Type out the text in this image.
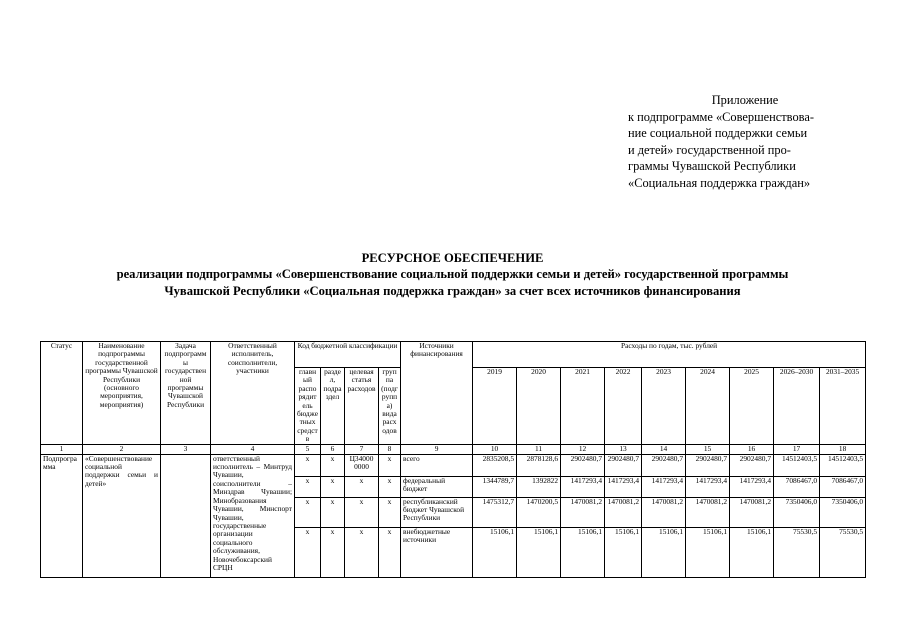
Приложение
к подпрограмме «Совершенствова-
ние социальной поддержки семьи
и детей» государственной про-
граммы Чувашской Республики
«Социальная поддержка граждан»
РЕСУРСНОЕ ОБЕСПЕЧЕНИЕ
реализации подпрограммы «Совершенствование социальной поддержки семьи и детей» государственной программы
Чувашской Республики «Социальная поддержка граждан» за счет всех источников финансирования
Статус	Наименование подпрограммы государственной программы Чувашской Республики (основного мероприятия, мероприятия)	Задача подпрограммы государственной программы Чувашской Республики	Ответственный исполнитель, соисполнители, участники	Код бюджетной классификации				Источники финансирования	Расходы по годам, тыс. рублей								
				главный распорядитель бюджетных средств	раздел, подраздел	целевая статья расходов	группа (подгруппа) вида расходов		2019	2020	2021	2022	2023	2024	2025	2026–2030	2031–2035
1	2	3	4	5	6	7	8	9	10	11	12	13	14	15	16	17	18
Подпрограмма	«Совершенствование социальной поддержки семьи и детей»		ответственный исполнитель – Минтруд Чувашии, соисполнители – Минздрав Чувашии; Минобразования Чувашии, Минспорт Чувашии, государственные организации социального обслуживания, Новочебоксарский СРЦН	x	x	Ц34000 0000	x	всего	2835208,5	2878128,6	2902480,7	2902480,7	2902480,7	2902480,7	2902480,7	14512403,5	14512403,5
				x	x	x	x	федеральный бюджет	1344789,7	1392822	1417293,4	1417293,4	1417293,4	1417293,4	1417293,4	7086467,0	7086467,0
				x	x	x	x	республиканский бюджет Чувашской Республики	1475312,7	1470200,5	1470081,2	1470081,2	1470081,2	1470081,2	1470081,2	7350406,0	7350406,0
				x	x	x	x	внебюджетные источники	15106,1	15106,1	15106,1	15106,1	15106,1	15106,1	15106,1	75530,5	75530,5
